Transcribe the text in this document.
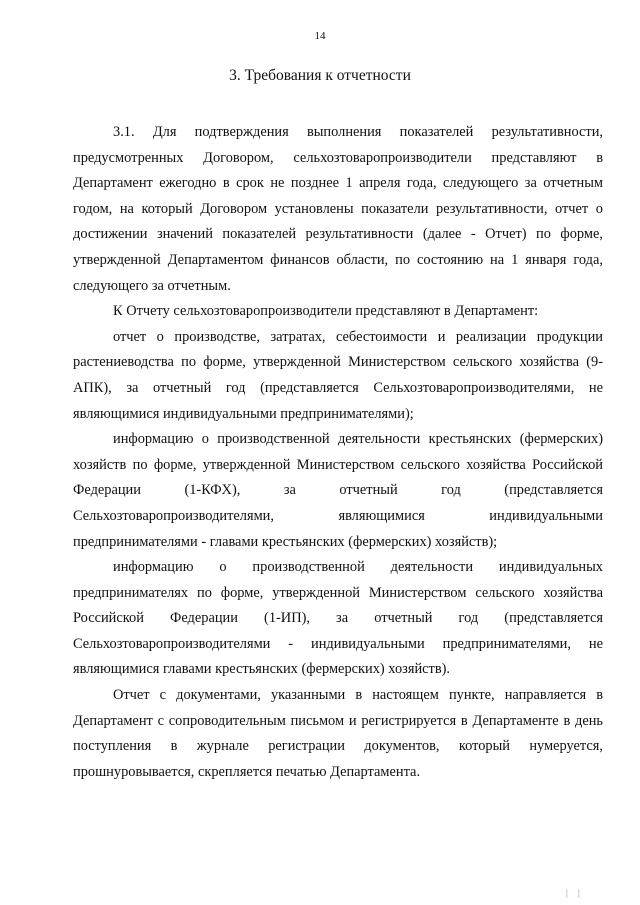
14
3. Требования к отчетности

3.1. Для подтверждения выполнения показателей результативности, предусмотренных Договором, сельхозтоваропроизводители представляют в Департамент ежегодно в срок не позднее 1 апреля года, следующего за отчетным годом, на который Договором установлены показатели результативности, отчет о достижении значений показателей результативности (далее - Отчет) по форме, утвержденной Департаментом финансов области, по состоянию на 1 января года, следующего за отчетным.

К Отчету сельхозтоваропроизводители представляют в Департамент:

отчет о производстве, затратах, себестоимости и реализации продукции растениеводства по форме, утвержденной Министерством сельского хозяйства (9-АПК), за отчетный год (представляется Сельхозтоваропроизводителями, не являющимися индивидуальными предпринимателями);

информацию о производственной деятельности крестьянских (фермерских) хозяйств по форме, утвержденной Министерством сельского хозяйства Российской Федерации (1-КФХ), за отчетный год (представляется Сельхозтоваропроизводителями, являющимися индивидуальными предпринимателями - главами крестьянских (фермерских) хозяйств);

информацию о производственной деятельности индивидуальных предпринимателях по форме, утвержденной Министерством сельского хозяйства Российской Федерации (1-ИП), за отчетный год (представляется Сельхозтоваропроизводителями - индивидуальными предпринимателями, не являющимися главами крестьянских (фермерских) хозяйств).

Отчет с документами, указанными в настоящем пункте, направляется в Департамент с сопроводительным письмом и регистрируется в Департаменте в день поступления в журнале регистрации документов, который нумеруется, прошнуровывается, скрепляется печатью Департамента.

| |
